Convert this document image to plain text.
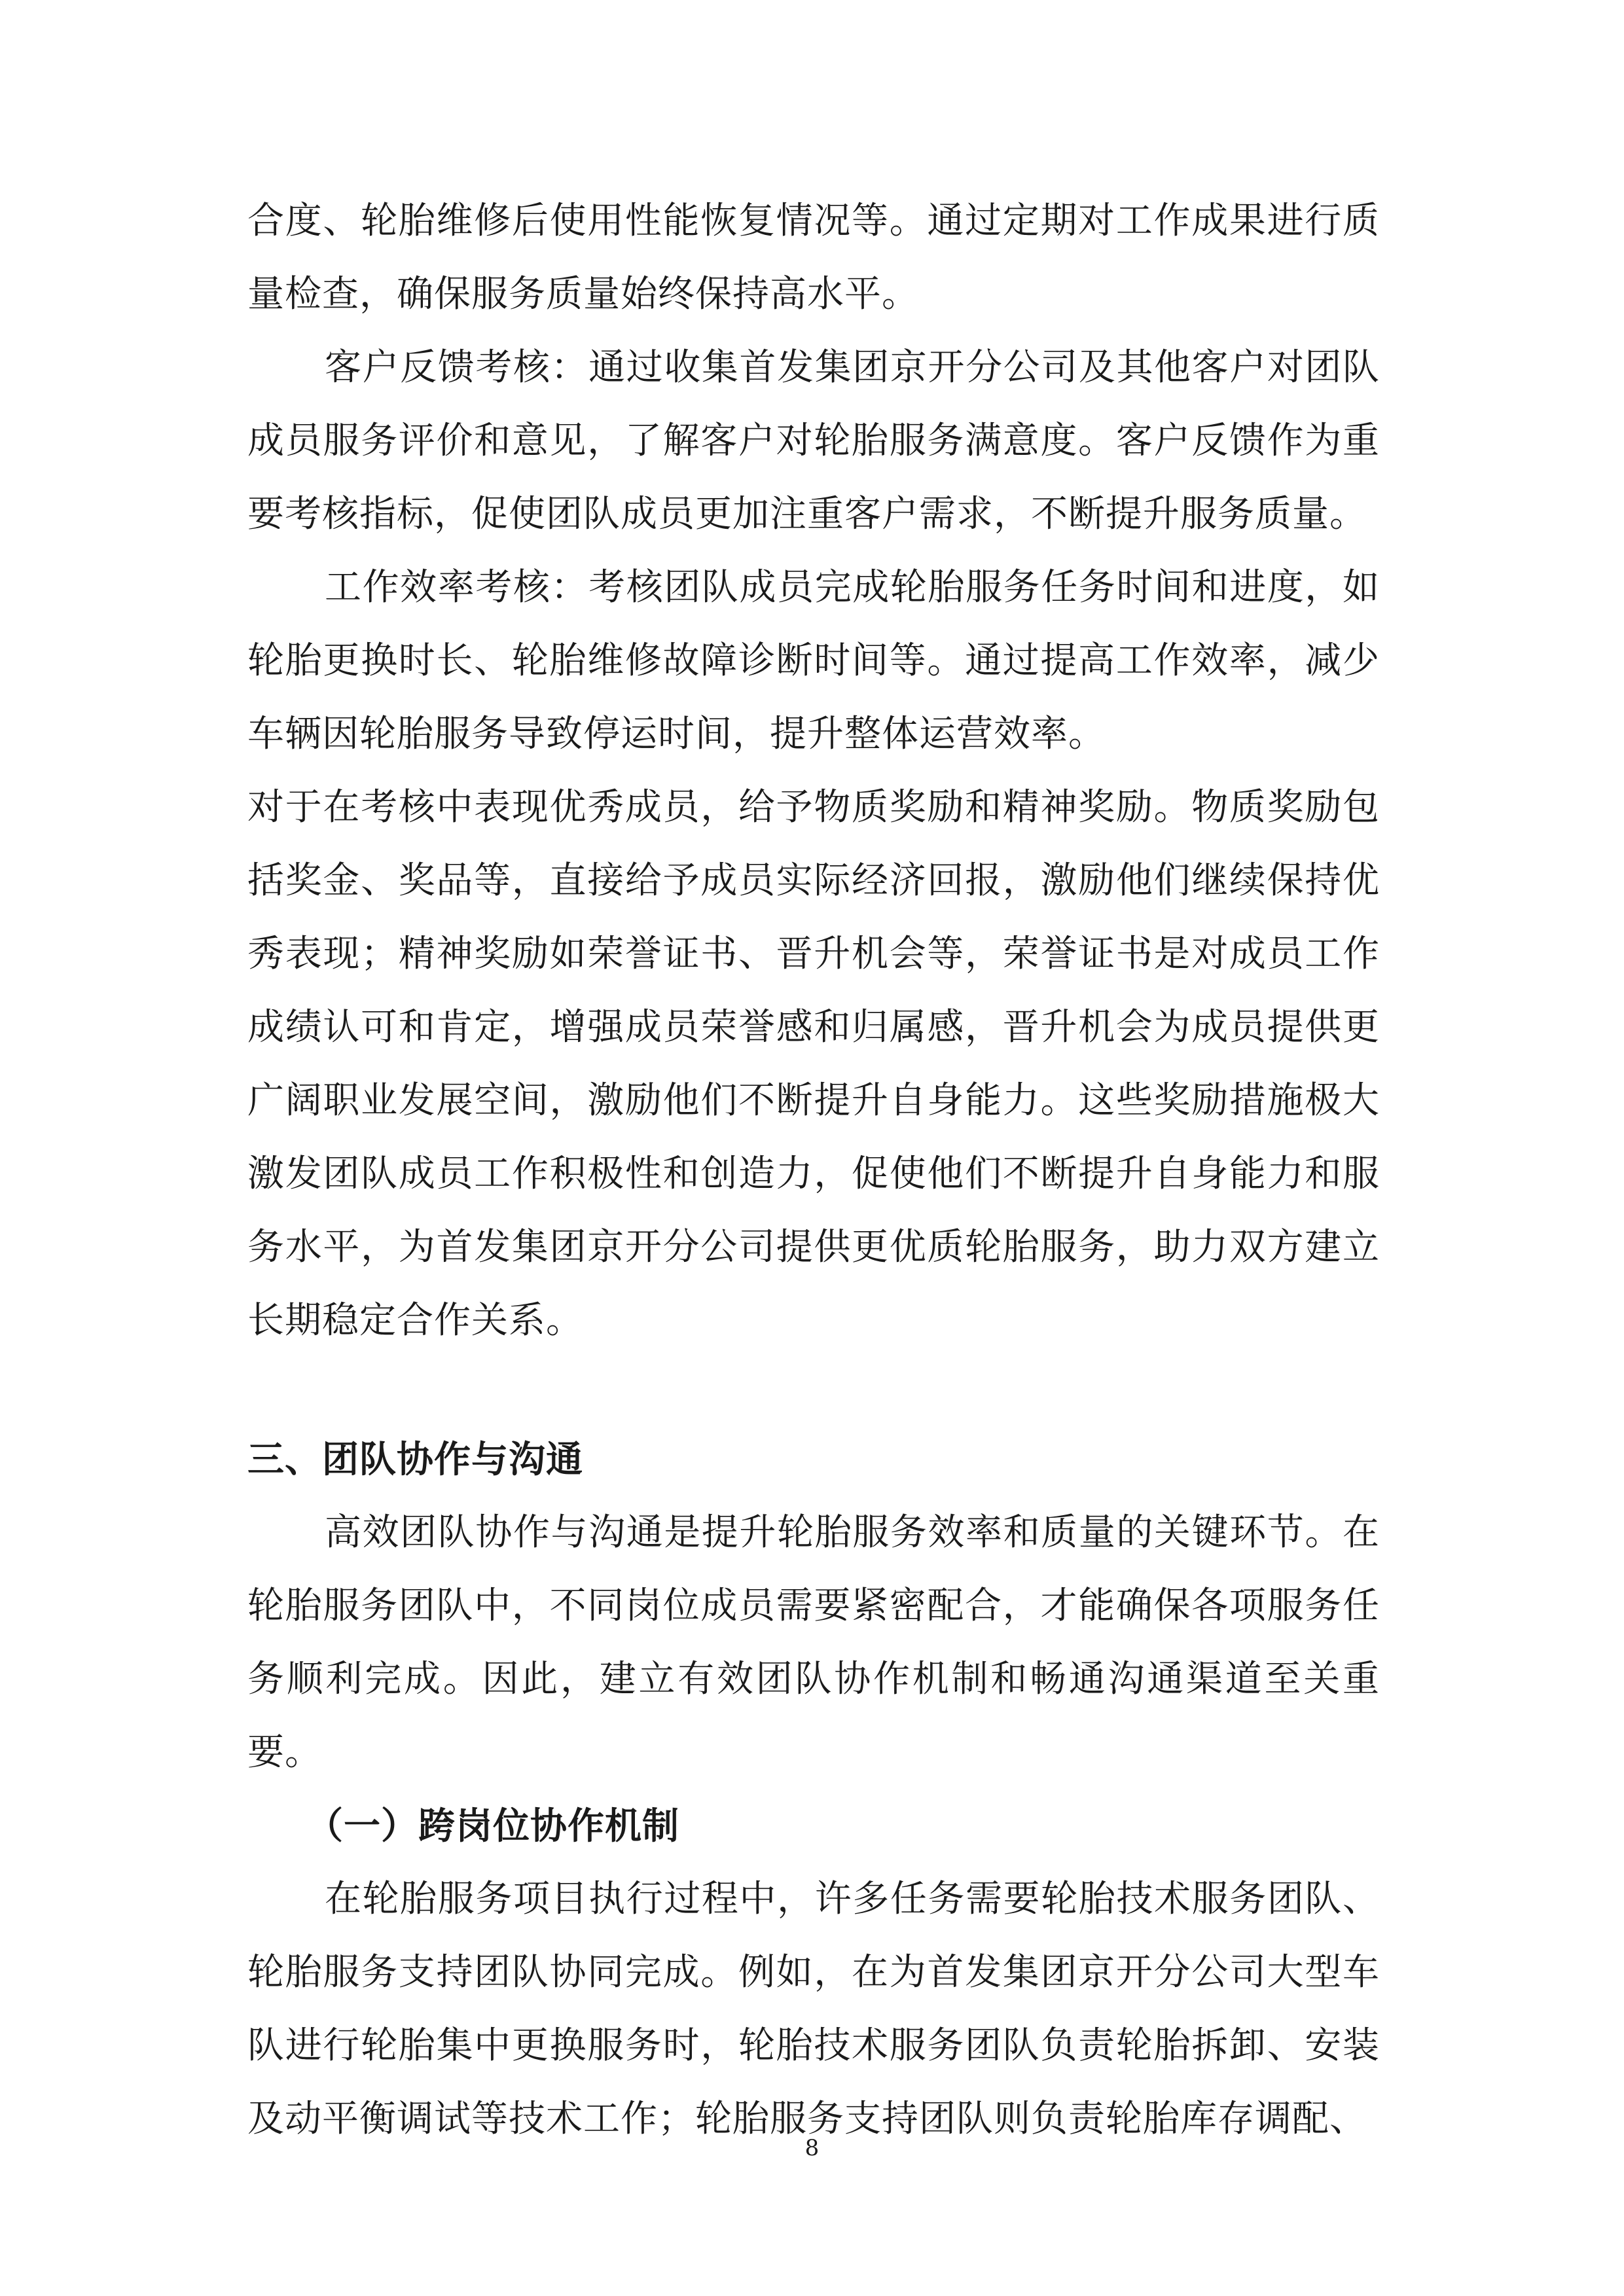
合度、轮胎维修后使用性能恢复情况等。通过定期对工作成果进行质量检查，确保服务质量始终保持高水平。

客户反馈考核：通过收集首发集团京开分公司及其他客户对团队成员服务评价和意见，了解客户对轮胎服务满意度。客户反馈作为重要考核指标，促使团队成员更加注重客户需求，不断提升服务质量。

工作效率考核：考核团队成员完成轮胎服务任务时间和进度，如轮胎更换时长、轮胎维修故障诊断时间等。通过提高工作效率，减少车辆因轮胎服务导致停运时间，提升整体运营效率。

对于在考核中表现优秀成员，给予物质奖励和精神奖励。物质奖励包括奖金、奖品等，直接给予成员实际经济回报，激励他们继续保持优秀表现；精神奖励如荣誉证书、晋升机会等，荣誉证书是对成员工作成绩认可和肯定，增强成员荣誉感和归属感，晋升机会为成员提供更广阔职业发展空间，激励他们不断提升自身能力。这些奖励措施极大激发团队成员工作积极性和创造力，促使他们不断提升自身能力和服务水平，为首发集团京开分公司提供更优质轮胎服务，助力双方建立长期稳定合作关系。

三、团队协作与沟通

高效团队协作与沟通是提升轮胎服务效率和质量的关键环节。在轮胎服务团队中，不同岗位成员需要紧密配合，才能确保各项服务任务顺利完成。因此，建立有效团队协作机制和畅通沟通渠道至关重要。

（一）跨岗位协作机制

在轮胎服务项目执行过程中，许多任务需要轮胎技术服务团队、轮胎服务支持团队协同完成。例如，在为首发集团京开分公司大型车队进行轮胎集中更换服务时，轮胎技术服务团队负责轮胎拆卸、安装及动平衡调试等技术工作；轮胎服务支持团队则负责轮胎库存调配、

8
